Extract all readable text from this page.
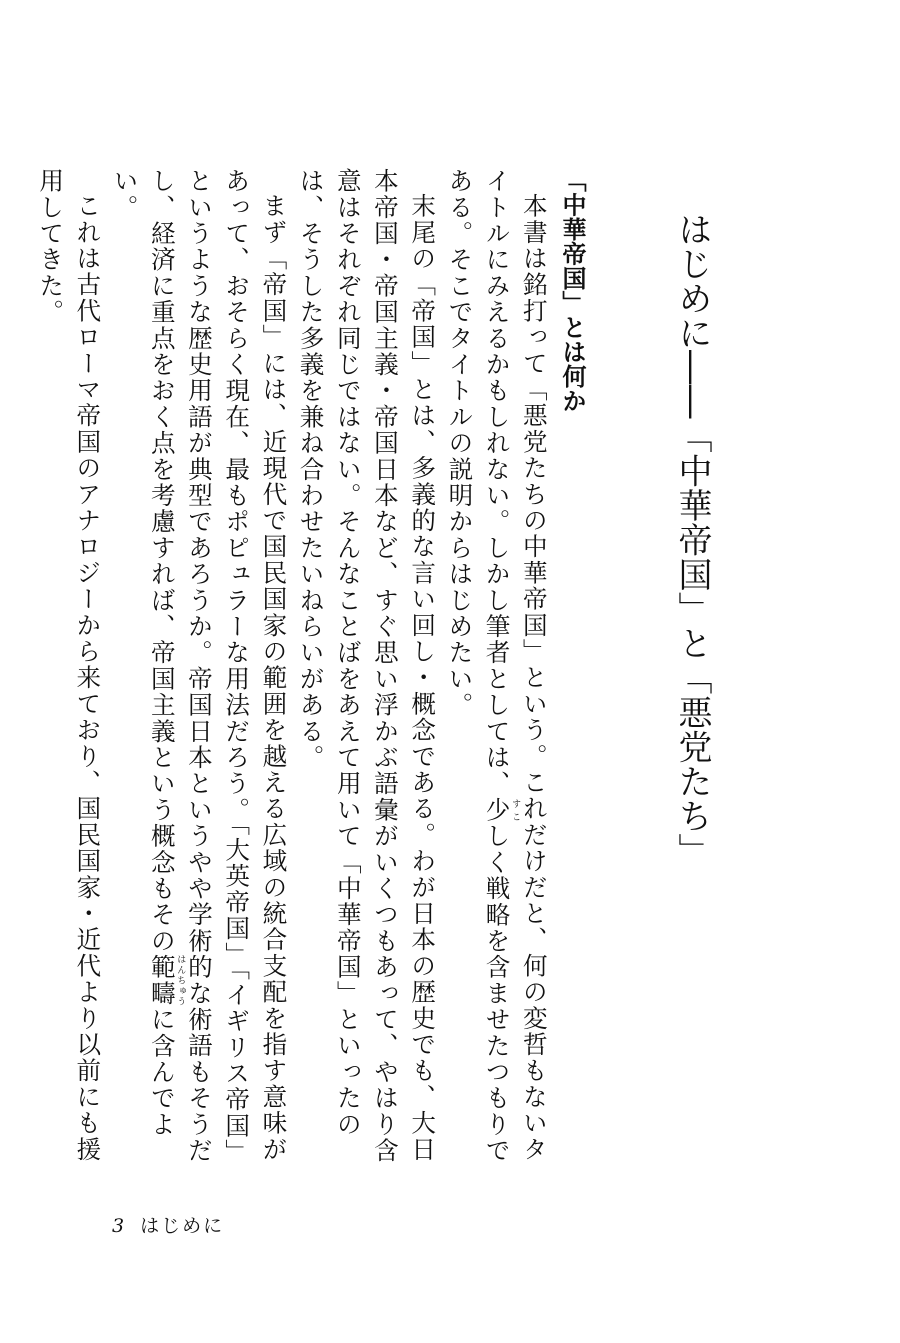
はじめに――「中華帝国」と「悪党たち」

「中華帝国」とは何か

本書は銘打って「悪党たちの中華帝国」という。これだけだと、何の変哲もないタイトルにみえるかもしれない。しかし筆者としては、少すこしく戦略を含ませたつもりである。そこでタイトルの説明からはじめたい。

末尾の「帝国」とは、多義的な言い回し・概念である。わが日本の歴史でも、大日本帝国・帝国主義・帝国日本など、すぐ思い浮かぶ語彙がいくつもあって、やはり含意はそれぞれ同じではない。そんなことばをあえて用いて「中華帝国」といったのは、そうした多義を兼ね合わせたいねらいがある。

まず「帝国」には、近現代で国民国家の範囲を越える広域の統合支配を指す意味があって、おそらく現在、最もポピュラーな用法だろう。「大英帝国」「イギリス帝国」というような歴史用語が典型であろうか。帝国日本というやや学術的な術語もそうだし、経済に重点をおく点を考慮すれば、帝国主義という概念もその範疇はんちゅうに含んでよい。

これは古代ローマ帝国のアナロジーから来ており、国民国家・近代より以前にも援用してきた。

3 はじめに
